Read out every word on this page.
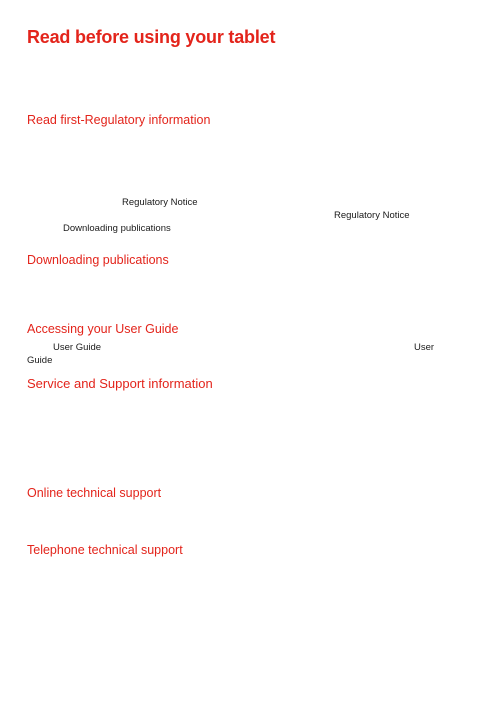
Read before using your tablet
Read first-Regulatory information
Regulatory Notice
Regulatory Notice
Downloading publications
Downloading publications
Accessing your User Guide
User Guide	User
Guide
Service and Support information
Online technical support
Telephone technical support
